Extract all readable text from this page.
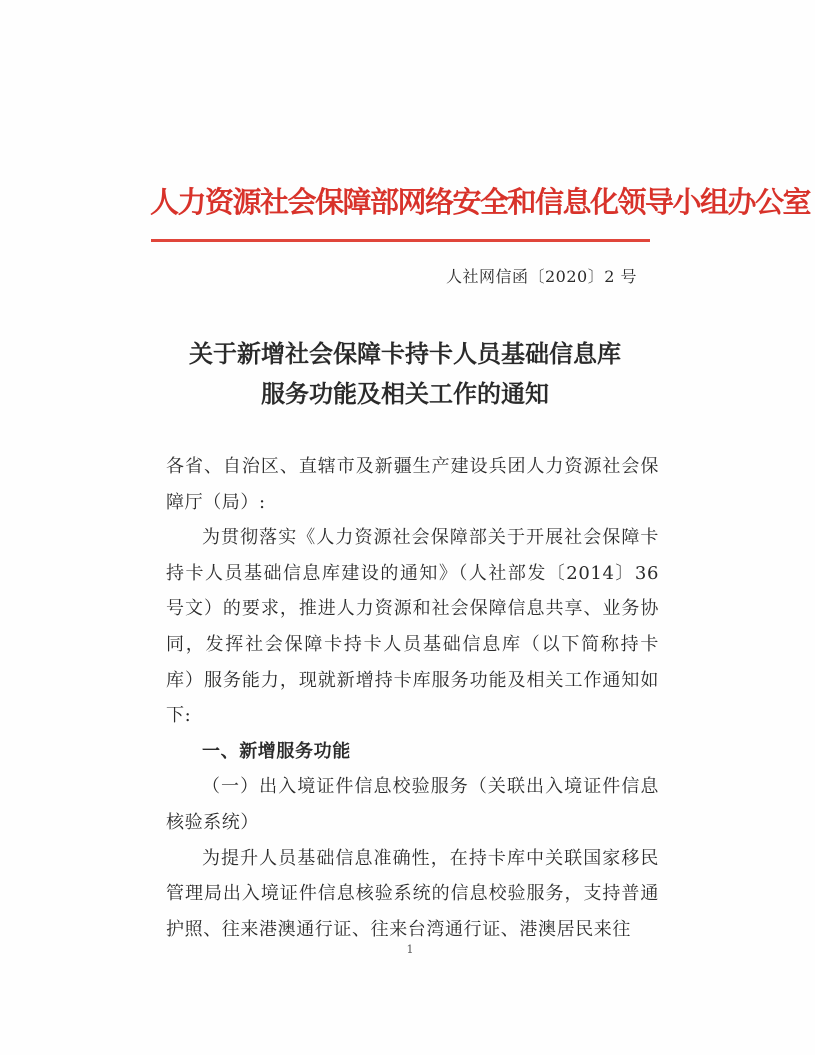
人力资源社会保障部网络安全和信息化领导小组办公室
人社网信函〔2020〕2 号
关于新增社会保障卡持卡人员基础信息库
服务功能及相关工作的通知

各省、自治区、直辖市及新疆生产建设兵团人力资源社会保障厅（局）:

为贯彻落实《人力资源社会保障部关于开展社会保障卡持卡人员基础信息库建设的通知》（人社部发〔2014〕36 号文）的要求，推进人力资源和社会保障信息共享、业务协同，发挥社会保障卡持卡人员基础信息库（以下简称持卡库）服务能力，现就新增持卡库服务功能及相关工作通知如下:

一、新增服务功能

（一）出入境证件信息校验服务（关联出入境证件信息核验系统）

为提升人员基础信息准确性，在持卡库中关联国家移民管理局出入境证件信息核验系统的信息校验服务，支持普通护照、往来港澳通行证、往来台湾通行证、港澳居民来往

1
